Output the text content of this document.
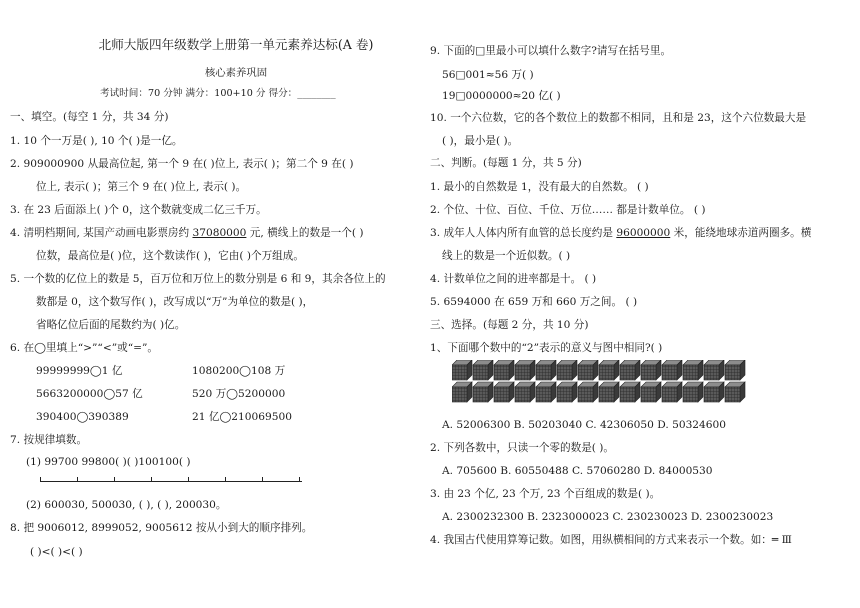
北师大版四年级数学上册第一单元素养达标(A 卷)
核心素养巩固
考试时间：70 分钟 满分：100+10 分 得分：________
一、填空。(每空 1 分，共 34 分)
1. 10 个一万是( ), 10 个( )是一亿。
2. 909000900 从最高位起, 第一个 9 在( )位上, 表示( )；第二个 9 在( )
位上, 表示( )；第三个 9 在( )位上, 表示( )。
3. 在 23 后面添上( )个 0，这个数就变成二亿三千万。
4. 清明档期间, 某国产动画电影票房约 37080000 元, 横线上的数是一个( )
位数，最高位是( )位，这个数读作( )，它由( )个万组成。
5. 一个数的亿位上的数是 5，百万位和万位上的数分别是 6 和 9，其余各位上的
数都是 0，这个数写作( )，改写成以“万”为单位的数是( )，
省略亿位后面的尾数约为( )亿。
6. 在◯里填上“>”“<”或“=”。
99999999◯1 亿	1080200◯108 万
5663200000◯57 亿	520 万◯5200000
390400◯390389	21 亿◯210069500
7. 按规律填数。
(1) 99700 99800( )( )100100( )
(2) 600030, 500030, ( ), ( ), 200030。
8. 把 9006012, 8999052, 9005612 按从小到大的顺序排列。
( )<( )<( )
9. 下面的□里最小可以填什么数字?请写在括号里。
56□001≈56 万( )
19□0000000≈20 亿( )
10. 一个六位数，它的各个数位上的数都不相同，且和是 23，这个六位数最大是
( )，最小是( )。
二、判断。(每题 1 分，共 5 分)
1. 最小的自然数是 1，没有最大的自然数。 ( )
2. 个位、十位、百位、千位、万位…… 都是计数单位。 ( )
3. 成年人人体内所有血管的总长度约是 96000000 米，能绕地球赤道两圈多。横
线上的数是一个近似数。( )
4. 计数单位之间的进率都是十。 ( )
5. 6594000 在 659 万和 660 万之间。 ( )
三、选择。(每题 2 分，共 10 分)
1、下面哪个数中的“2”表示的意义与图中相同?( )
A. 52006300 B. 50203040 C. 42306050 D. 50324600
2. 下列各数中，只读一个零的数是( )。
A. 705600 B. 60550488 C. 57060280 D. 84000530
3. 由 23 个亿, 23 个万, 23 个百组成的数是( )。
A. 2300232300 B. 2323000023 C. 230230023 D. 2300230023
4. 我国古代使用算筹记数。如图，用纵横相间的方式来表示一个数。如：═ Ⅲ
